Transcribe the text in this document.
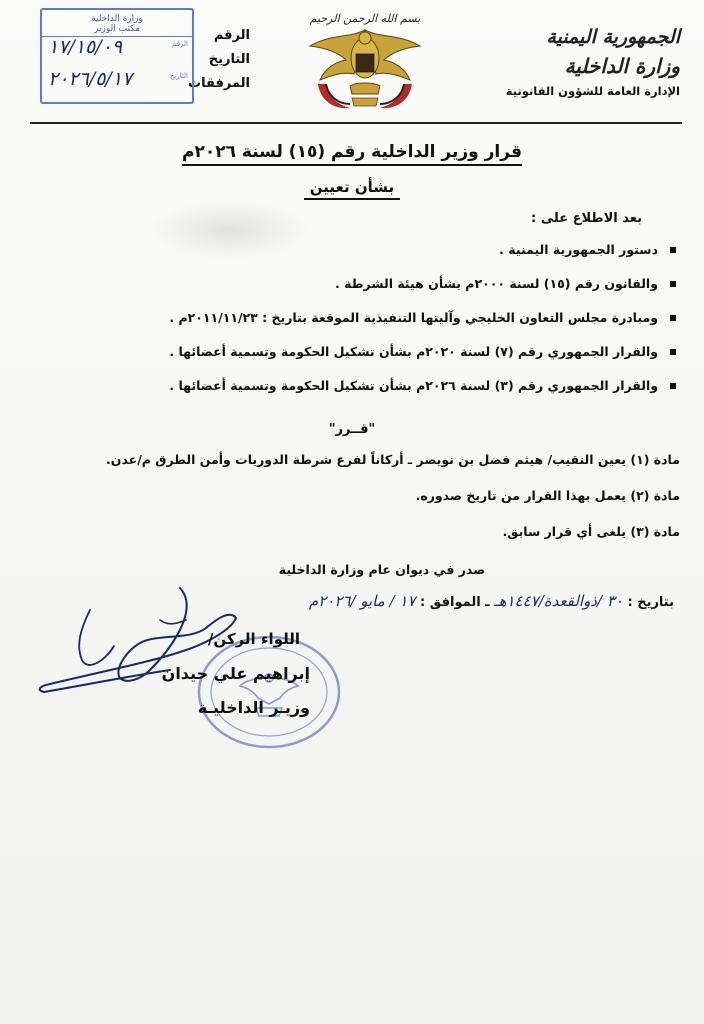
الجمهورية اليمنية
وزارة الداخلية
الإدارة العامة للشؤون القانونية
بسم الله الرحمن الرحيم
الرقم
التاريخ
المرفقات
وزارة الداخلية
مكتب الوزير
الرقم
التاريخ
١٧/١٥/٠٩
٢٠٢٦/٥/١٧
قرار وزير الداخلية رقم (١٥) لسنة ٢٠٢٦م
بشأن تعيين
بعد الاطلاع على :
دستور الجمهورية اليمنية .
والقانون رقم (١٥) لسنة ٢٠٠٠م بشأن هيئة الشرطة .
ومبادرة مجلس التعاون الخليجي وآليتها التنفيذية الموقعة بتاريخ : ٢٠١١/١١/٢٣م .
والقرار الجمهوري رقم (٧) لسنة ٢٠٢٠م بشأن تشكيل الحكومة وتسمية أعضائها .
والقرار الجمهوري رقم (٣) لسنة ٢٠٢٦م بشأن تشكيل الحكومة وتسمية أعضائها .
"قــرر"
مادة (١) يعين النقيب/ هيثم فضل بن نويصر ـ أركاناً لفرع شرطة الدوريات وأمن الطرق م/عدن.
مادة (٢) يعمل بهذا القرار من تاريخ صدوره.
مادة (٣) يلغى أي قرار سابق.
صدر في ديوان عام وزارة الداخلية
بتاريخ : ٣٠ /ذوالقعدة/١٤٤٧هـ ـ الموافق : ١٧ / مايو /٢٠٢٦م
اللواء الركن/
إبراهيم علي حيدان
وزيـر الداخليـة
